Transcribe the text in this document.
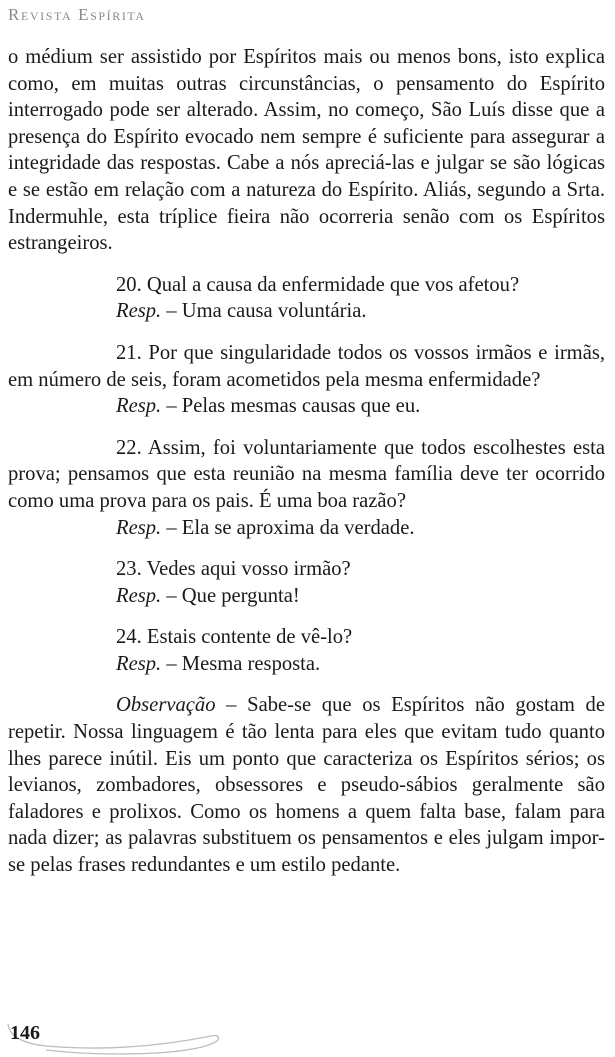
Revista Espírita

o médium ser assistido por Espíritos mais ou menos bons, isto explica como, em muitas outras circunstâncias, o pensamento do Espírito interrogado pode ser alterado. Assim, no começo, São Luís disse que a presença do Espírito evocado nem sempre é suficiente para assegurar a integridade das respostas. Cabe a nós apreciá-las e julgar se são lógicas e se estão em relação com a natureza do Espírito. Aliás, segundo a Srta. Indermuhle, esta tríplice fieira não ocorreria senão com os Espíritos estrangeiros.

20. Qual a causa da enfermidade que vos afetou?

Resp. – Uma causa voluntária.

21. Por que singularidade todos os vossos irmãos e irmãs, em número de seis, foram acometidos pela mesma enfermidade?

Resp. – Pelas mesmas causas que eu.

22. Assim, foi voluntariamente que todos escolhestes esta prova; pensamos que esta reunião na mesma família deve ter ocorrido como uma prova para os pais. É uma boa razão?

Resp. – Ela se aproxima da verdade.

23. Vedes aqui vosso irmão?

Resp. – Que pergunta!

24. Estais contente de vê-lo?

Resp. – Mesma resposta.

Observação – Sabe-se que os Espíritos não gostam de repetir. Nossa linguagem é tão lenta para eles que evitam tudo quanto lhes parece inútil. Eis um ponto que caracteriza os Espíritos sérios; os levianos, zombadores, obsessores e pseudo-sábios geralmente são faladores e prolixos. Como os homens a quem falta base, falam para nada dizer; as palavras substituem os pensamentos e eles julgam impor-se pelas frases redundantes e um estilo pedante.

146
